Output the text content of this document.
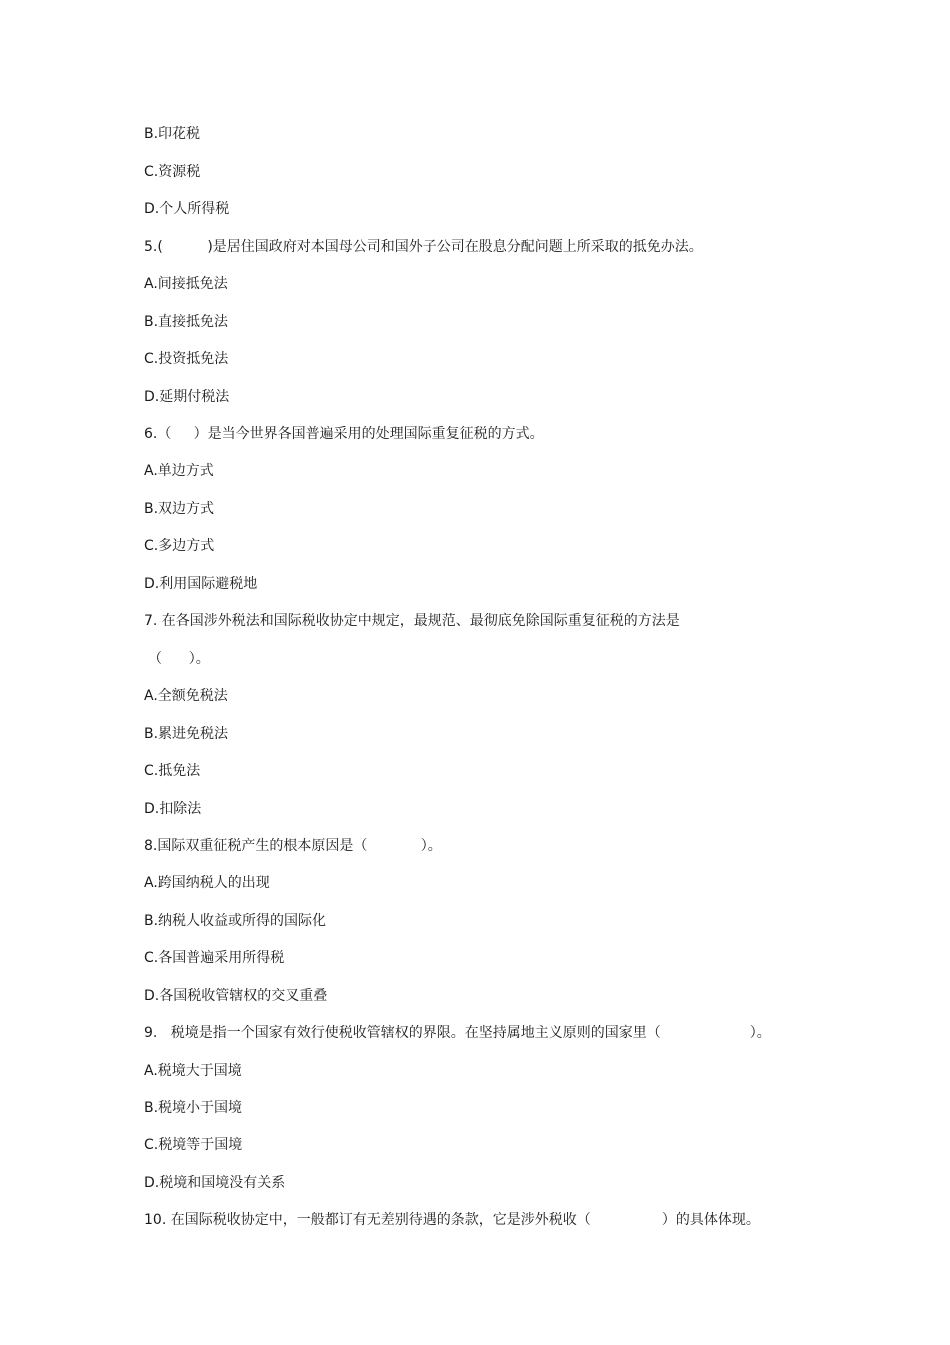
B.印花税
C.资源税
D.个人所得税
5.(          )是居住国政府对本国母公司和国外子公司在股息分配问题上所采取的抵免办法。
A.间接抵免法
B.直接抵免法
C.投资抵免法
D.延期付税法
6.（     ）是当今世界各国普遍采用的处理国际重复征税的方式。
A.单边方式
B.双边方式
C.多边方式
D.利用国际避税地
7. 在各国涉外税法和国际税收协定中规定，最规范、最彻底免除国际重复征税的方法是
（      ）。
A.全额免税法
B.累进免税法
C.抵免法
D.扣除法
8.国际双重征税产生的根本原因是（            ）。
A.跨国纳税人的出现
B.纳税人收益或所得的国际化
C.各国普遍采用所得税
D.各国税收管辖权的交叉重叠
9.   税境是指一个国家有效行使税收管辖权的界限。在坚持属地主义原则的国家里（                    ）。
A.税境大于国境
B.税境小于国境
C.税境等于国境
D.税境和国境没有关系
10. 在国际税收协定中，一般都订有无差别待遇的条款，它是涉外税收（                ）的具体体现。
